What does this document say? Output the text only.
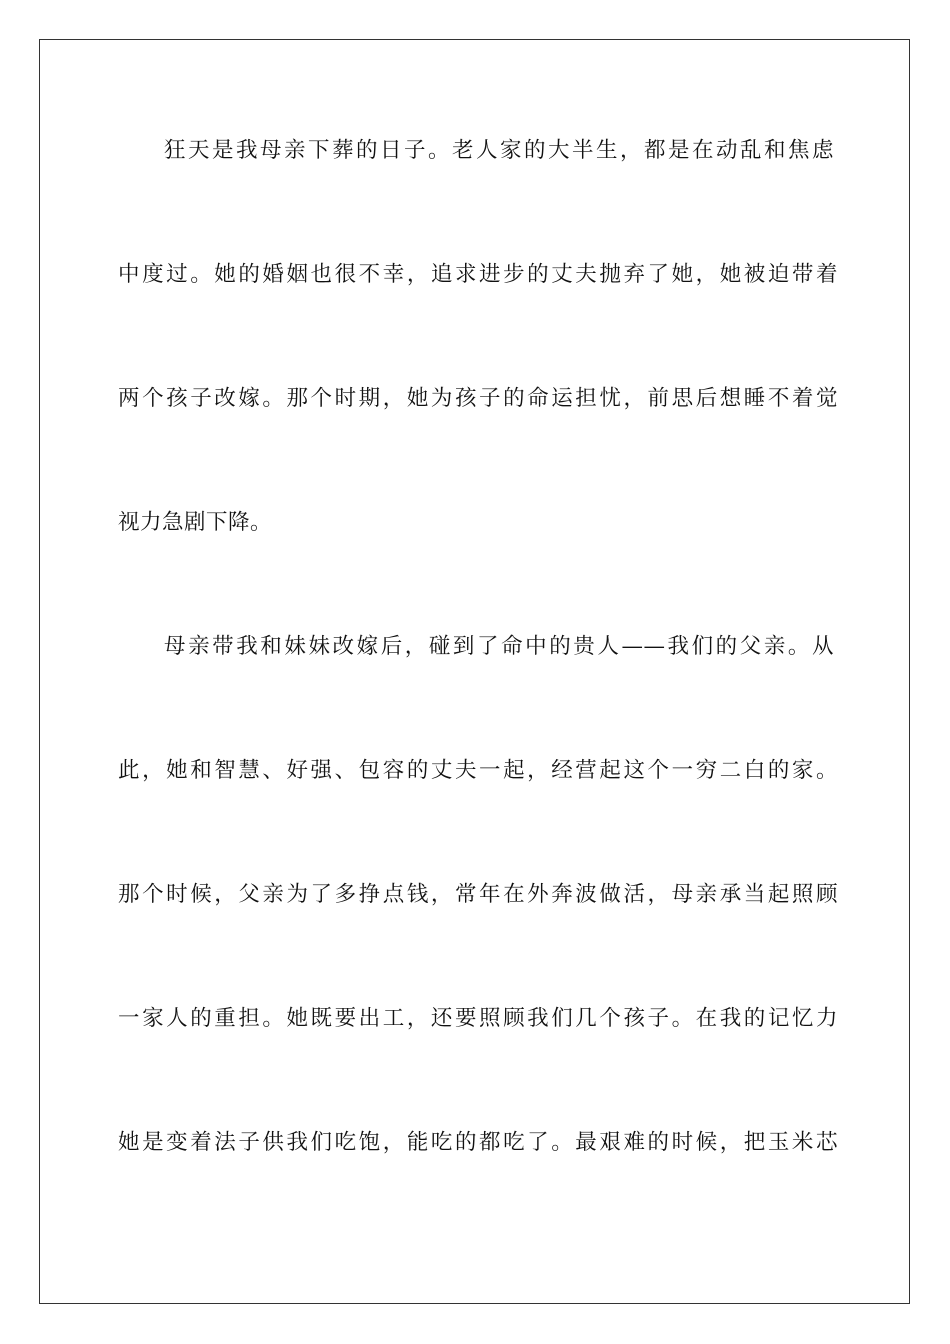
狂天是我母亲下葬的日子。老人家的大半生，都是在动乱和焦虑
中度过。她的婚姻也很不幸，追求进步的丈夫抛弃了她，她被迫带着
两个孩子改嫁。那个时期，她为孩子的命运担忧，前思后想睡不着觉
视力急剧下降。
母亲带我和妹妹改嫁后，碰到了命中的贵人——我们的父亲。从
此，她和智慧、好强、包容的丈夫一起，经营起这个一穷二白的家。
那个时候，父亲为了多挣点钱，常年在外奔波做活，母亲承当起照顾
一家人的重担。她既要出工，还要照顾我们几个孩子。在我的记忆力
她是变着法子供我们吃饱，能吃的都吃了。最艰难的时候，把玉米芯
